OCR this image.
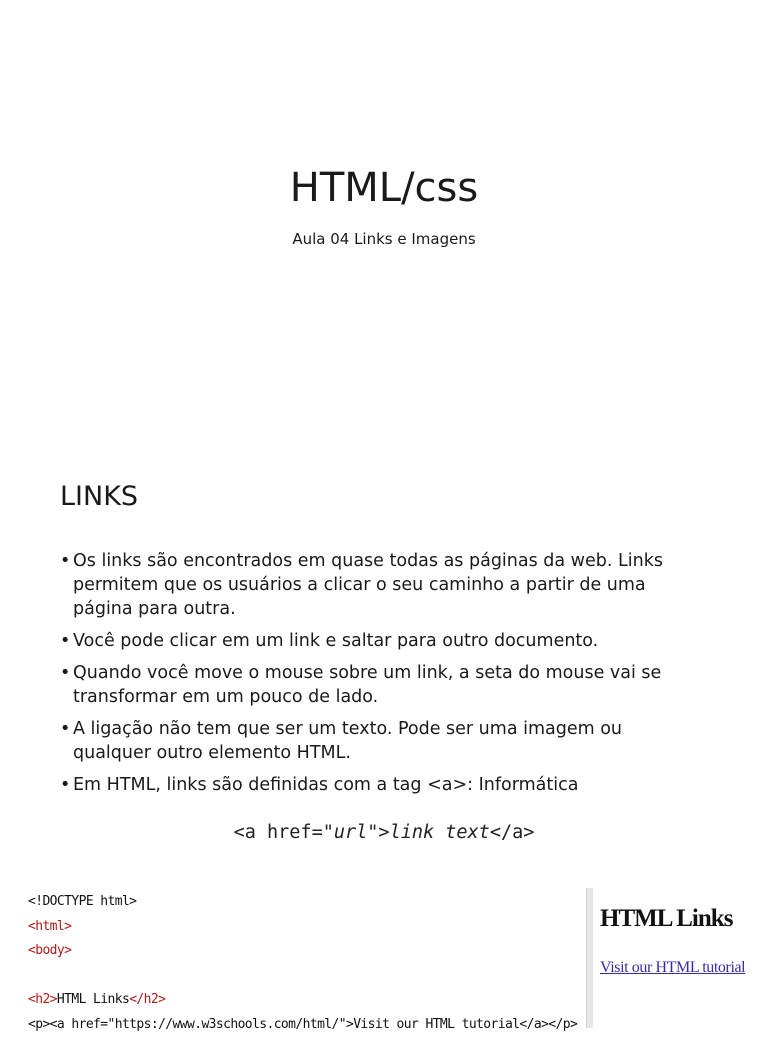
HTML/css
Aula 04 Links e Imagens
LINKS
• Os links são encontrados em quase todas as páginas da web. Links permitem que os usuários a clicar o seu caminho a partir de uma página para outra.
• Você pode clicar em um link e saltar para outro documento.
• Quando você move o mouse sobre um link, a seta do mouse vai se transformar em um pouco de lado.
• A ligação não tem que ser um texto. Pode ser uma imagem ou qualquer outro elemento HTML.
• Em HTML, links são definidas com a tag <a>: Informática
<a href="url">link text</a>
<!DOCTYPE html>
<html>
<body>

<h2>HTML Links</h2>
<p><a href="https://www.w3schools.com/html/">Visit our HTML tutorial</a></p>
HTML Links
Visit our HTML tutorial
